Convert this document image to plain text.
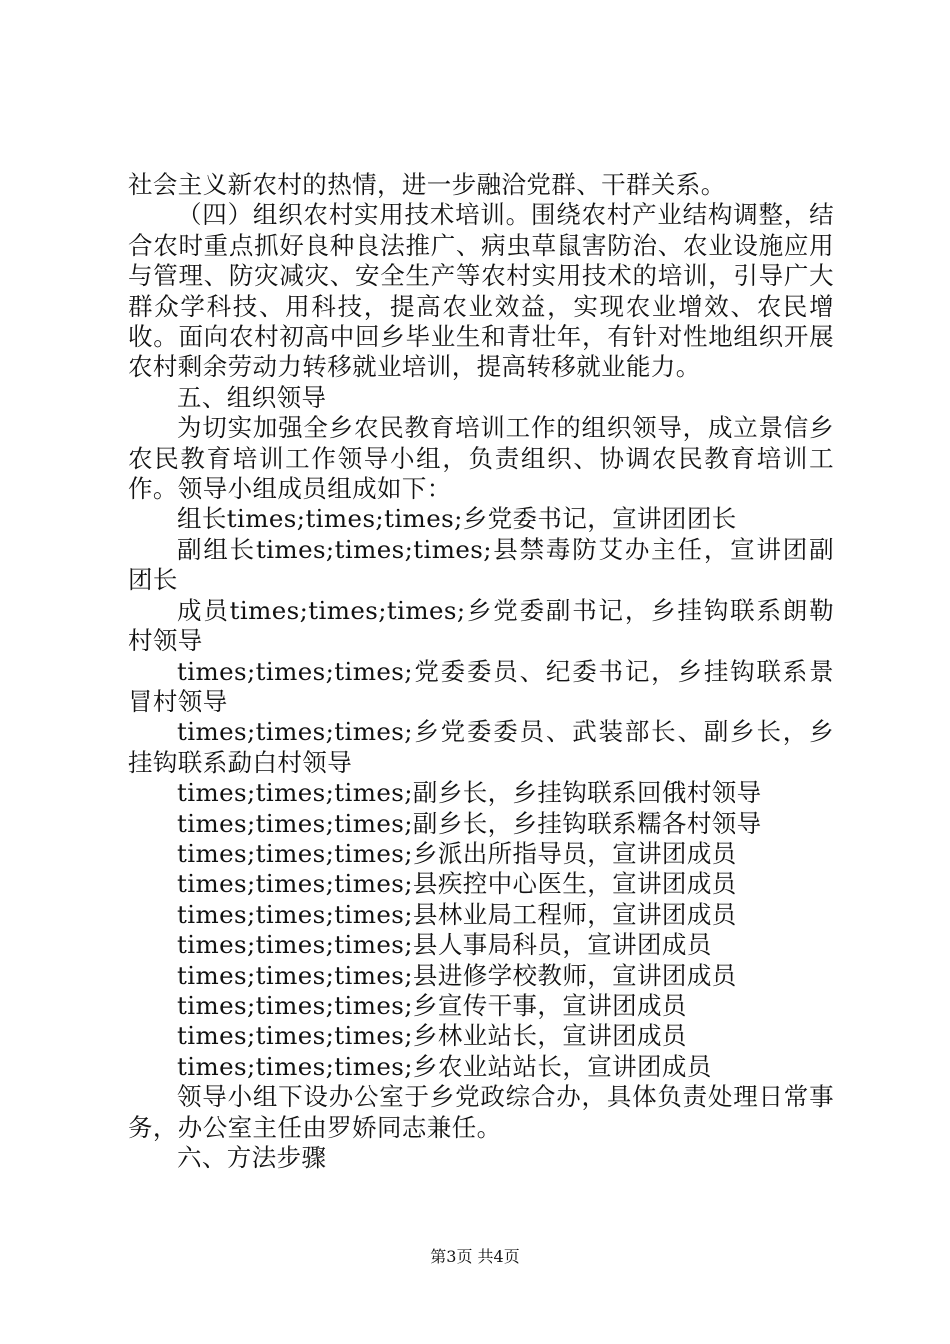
社会主义新农村的热情，进一步融洽党群、干群关系。

（四）组织农村实用技术培训。围绕农村产业结构调整，结合农时重点抓好良种良法推广、病虫草鼠害防治、农业设施应用与管理、防灾减灾、安全生产等农村实用技术的培训，引导广大群众学科技、用科技，提高农业效益，实现农业增效、农民增收。面向农村初高中回乡毕业生和青壮年，有针对性地组织开展农村剩余劳动力转移就业培训，提高转移就业能力。

五、组织领导

为切实加强全乡农民教育培训工作的组织领导，成立景信乡农民教育培训工作领导小组，负责组织、协调农民教育培训工作。领导小组成员组成如下：

组长times;times;times;乡党委书记，宣讲团团长

副组长times;times;times;县禁毒防艾办主任，宣讲团副团长

成员times;times;times;乡党委副书记，乡挂钩联系朗勒村领导

times;times;times;党委委员、纪委书记，乡挂钩联系景冒村领导

times;times;times;乡党委委员、武装部长、副乡长，乡挂钩联系勐白村领导

times;times;times;副乡长，乡挂钩联系回俄村领导

times;times;times;副乡长，乡挂钩联系糯各村领导

times;times;times;乡派出所指导员，宣讲团成员

times;times;times;县疾控中心医生，宣讲团成员

times;times;times;县林业局工程师，宣讲团成员

times;times;times;县人事局科员，宣讲团成员

times;times;times;县进修学校教师，宣讲团成员

times;times;times;乡宣传干事，宣讲团成员

times;times;times;乡林业站长，宣讲团成员

times;times;times;乡农业站站长，宣讲团成员

领导小组下设办公室于乡党政综合办，具体负责处理日常事务，办公室主任由罗娇同志兼任。

六、方法步骤

第3页 共4页
